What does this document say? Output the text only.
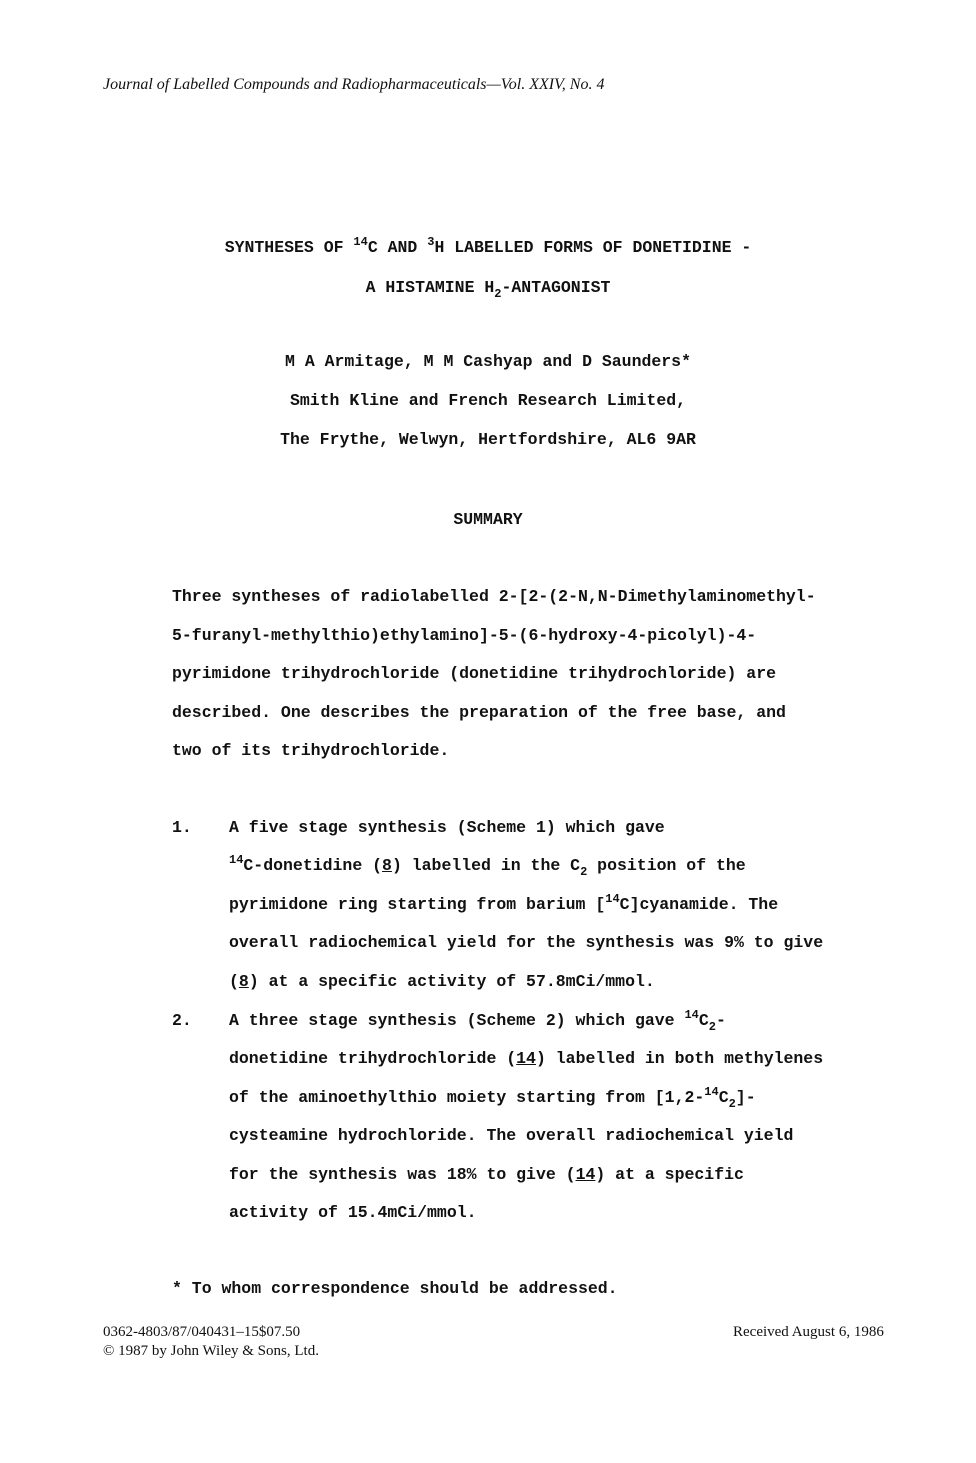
Journal of Labelled Compounds and Radiopharmaceuticals—Vol. XXIV, No. 4
SYNTHESES OF $^{14}$C AND $^3$H LABELLED FORMS OF DONETIDINE -
A HISTAMINE $H_2$-ANTAGONIST
M A Armitage, M M Cashyap and D Saunders*
Smith Kline and French Research Limited,
The Frythe, Welwyn, Hertfordshire, AL6 9AR
SUMMARY
Three syntheses of radiolabelled 2-[2-(2-N,N-Dimethylaminomethyl-
5-furanyl-methylthio)ethylamino]-5-(6-hydroxy-4-picolyl)-4-
pyrimidone trihydrochloride (donetidine trihydrochloride) are
described. One describes the preparation of the free base, and
two of its trihydrochloride.
1. A five stage synthesis (Scheme 1) which gave
$^{14}$C-donetidine (8) labelled in the $C_2$ position of the
pyrimidone ring starting from barium [$^{14}$C]cyanamide. The
overall radiochemical yield for the synthesis was 9% to give
(8) at a specific activity of 57.8mCi/mmol.
2. A three stage synthesis (Scheme 2) which gave $^{14}C_2-$
donetidine trihydrochloride (14) labelled in both methylenes
of the aminoethylthio moiety starting from $[1,2-^{14}C_2]-$
cysteamine hydrochloride. The overall radiochemical yield
for the synthesis was 18% to give (14) at a specific
activity of 15.4mCi/mmol.
* To whom correspondence should be addressed.
0362-4803/87/040431–15$07.50
© 1987 by John Wiley & Sons, Ltd.
Received August 6, 1986
